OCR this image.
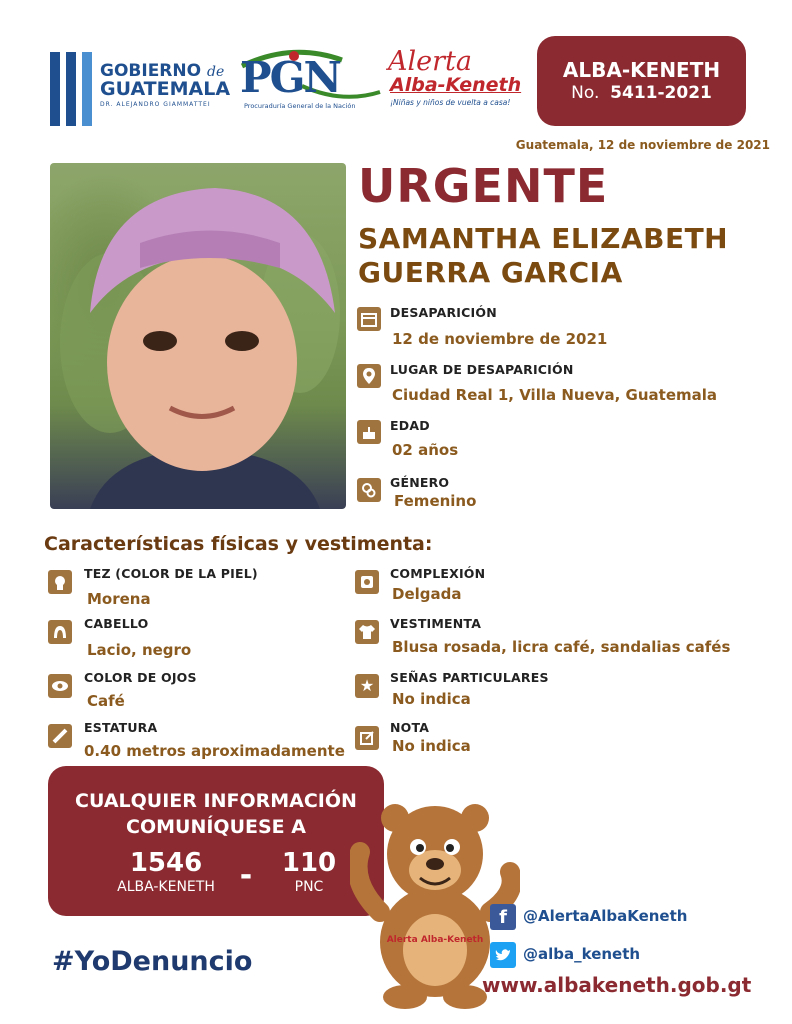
GOBIERNO de
GUATEMALA
DR. ALEJANDRO GIAMMATTEI
PGN
Procuraduría General de la Nación
Alerta
Alba-Keneth
¡Niñas y niños de vuelta a casa!
ALBA-KENETH
No. 5411-2021
Guatemala, 12 de noviembre de 2021
URGENTE
SAMANTHA ELIZABETH
GUERRA GARCIA
DESAPARICIÓN
12 de noviembre de 2021
LUGAR DE DESAPARICIÓN
Ciudad Real 1, Villa Nueva, Guatemala
EDAD
02 años
GÉNERO
Femenino
Características físicas y vestimenta:
TEZ (COLOR DE LA PIEL)
Morena
CABELLO
Lacio, negro
COLOR DE OJOS
Café
ESTATURA
0.40 metros aproximadamente
COMPLEXIÓN
Delgada
VESTIMENTA
Blusa rosada, licra café, sandalias cafés
★ SEÑAS PARTICULARES
No indica
NOTA
No indica
CUALQUIER INFORMACIÓN
COMUNÍQUESE A
1546
ALBA-KENETH -	110
PNC
Alerta Alba-Keneth
#YoDenuncio
f	@AlertaAlbaKeneth
@alba_keneth
www.albakeneth.gob.gt
